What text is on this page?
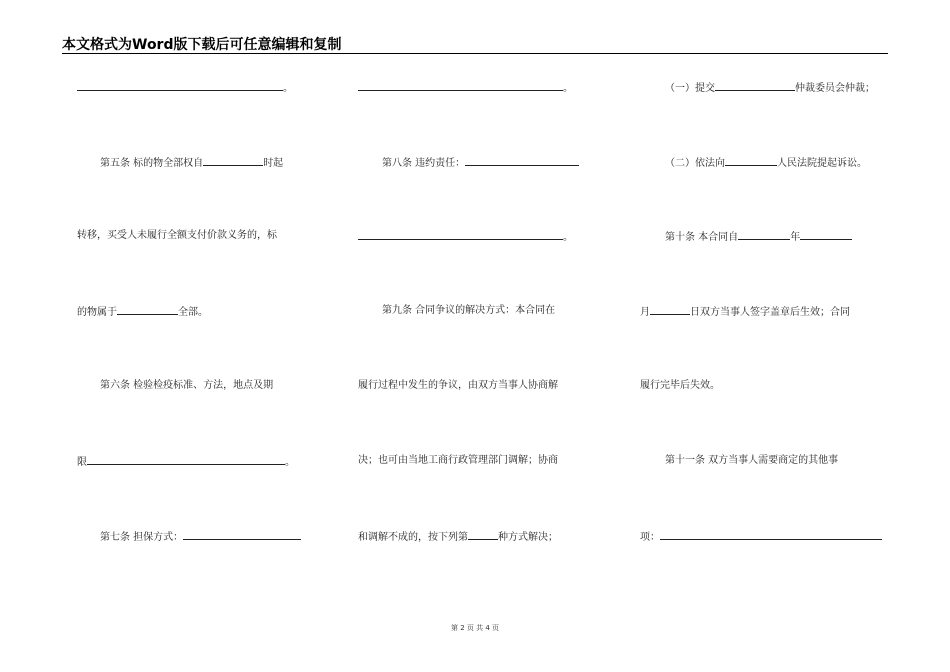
本文格式为Word版下载后可任意编辑和复制
。
第五条 标的物全部权自	时起
转移，买受人未履行全额支付价款义务的，标
的物属于	全部。
第六条 检验检疫标准、方法，地点及期
限	。
第七条 担保方式：
。
第八条 违约责任：
。
第九条 合同争议的解决方式：本合同在
履行过程中发生的争议，由双方当事人协商解
决；也可由当地工商行政管理部门调解；协商
和调解不成的，按下列第	种方式解决；
（一）提交	仲裁委员会仲裁；
（二）依法向	人民法院提起诉讼。
第十条 本合同自	年
月	日双方当事人签字盖章后生效；合同
履行完毕后失效。
第十一条 双方当事人需要商定的其他事
项：
第 2 页 共 4 页
